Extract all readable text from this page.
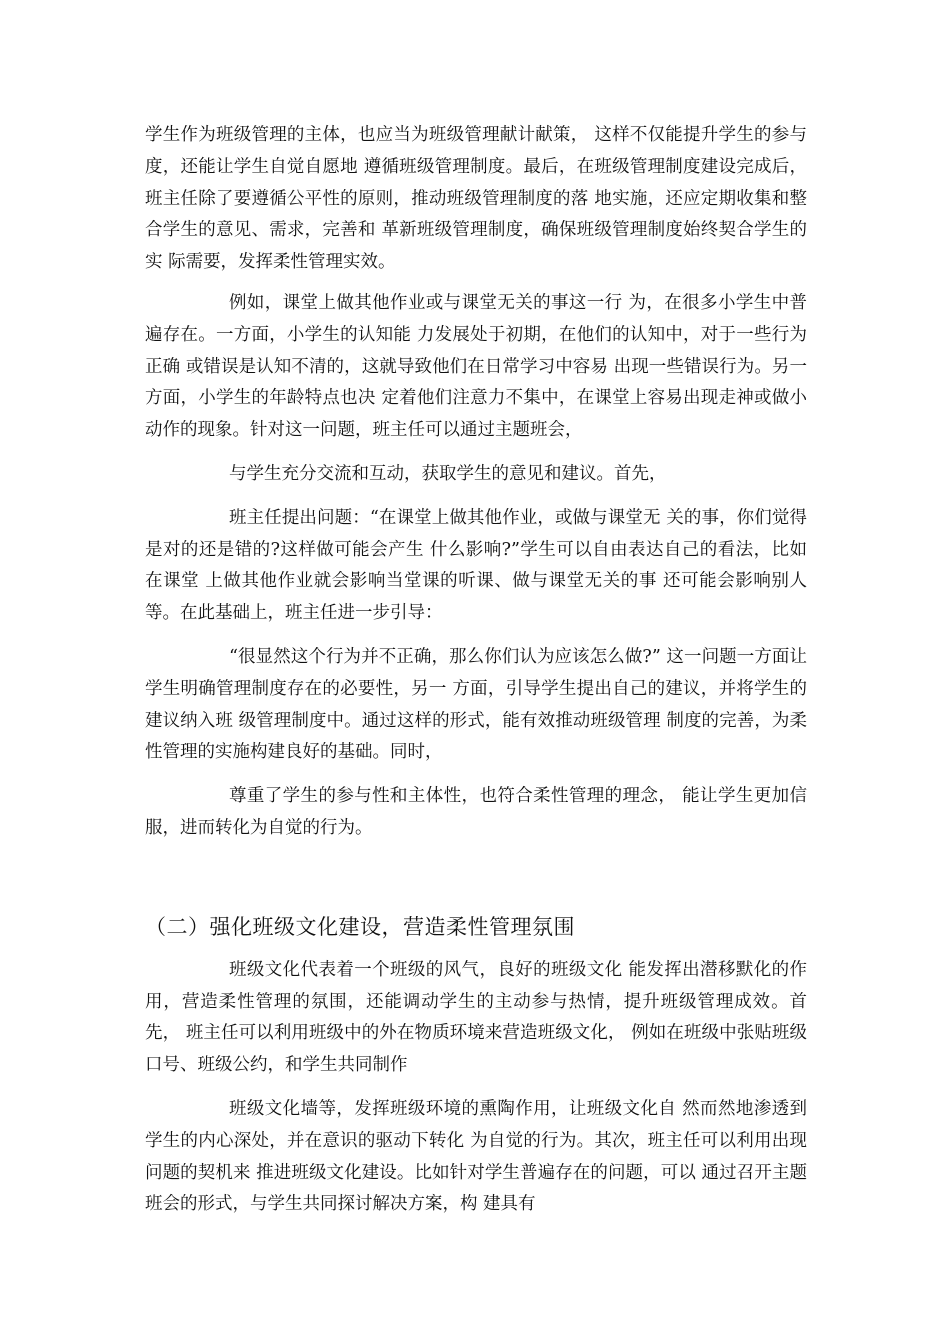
学生作为班级管理的主体，也应当为班级管理献计献策， 这样不仅能提升学生的参与度，还能让学生自觉自愿地 遵循班级管理制度。最后，在班级管理制度建设完成后， 班主任除了要遵循公平性的原则，推动班级管理制度的落 地实施，还应定期收集和整合学生的意见、需求，完善和 革新班级管理制度，确保班级管理制度始终契合学生的实 际需要，发挥柔性管理实效。

例如，课堂上做其他作业或与课堂无关的事这一行 为，在很多小学生中普遍存在。一方面，小学生的认知能 力发展处于初期，在他们的认知中，对于一些行为正确 或错误是认知不清的，这就导致他们在日常学习中容易 出现一些错误行为。另一方面，小学生的年龄特点也决 定着他们注意力不集中，在课堂上容易出现走神或做小 动作的现象。针对这一问题，班主任可以通过主题班会，

与学生充分交流和互动，获取学生的意见和建议。首先，

班主任提出问题：“在课堂上做其他作业，或做与课堂无 关的事，你们觉得是对的还是错的?这样做可能会产生 什么影响?”学生可以自由表达自己的看法，比如在课堂 上做其他作业就会影响当堂课的听课、做与课堂无关的事 还可能会影响别人等。在此基础上，班主任进一步引导：

“很显然这个行为并不正确，那么你们认为应该怎么做?” 这一问题一方面让学生明确管理制度存在的必要性，另一 方面，引导学生提出自己的建议，并将学生的建议纳入班 级管理制度中。通过这样的形式，能有效推动班级管理 制度的完善，为柔性管理的实施构建良好的基础。同时，

尊重了学生的参与性和主体性，也符合柔性管理的理念， 能让学生更加信服，进而转化为自觉的行为。

（二）强化班级文化建设，营造柔性管理氛围

班级文化代表着一个班级的风气，良好的班级文化 能发挥出潜移默化的作用，营造柔性管理的氛围，还能调动学生的主动参与热情，提升班级管理成效。首先， 班主任可以利用班级中的外在物质环境来营造班级文化， 例如在班级中张贴班级口号、班级公约，和学生共同制作

班级文化墙等，发挥班级环境的熏陶作用，让班级文化自 然而然地渗透到学生的内心深处，并在意识的驱动下转化 为自觉的行为。其次，班主任可以利用出现问题的契机来 推进班级文化建设。比如针对学生普遍存在的问题，可以 通过召开主题班会的形式，与学生共同探讨解决方案，构 建具有
